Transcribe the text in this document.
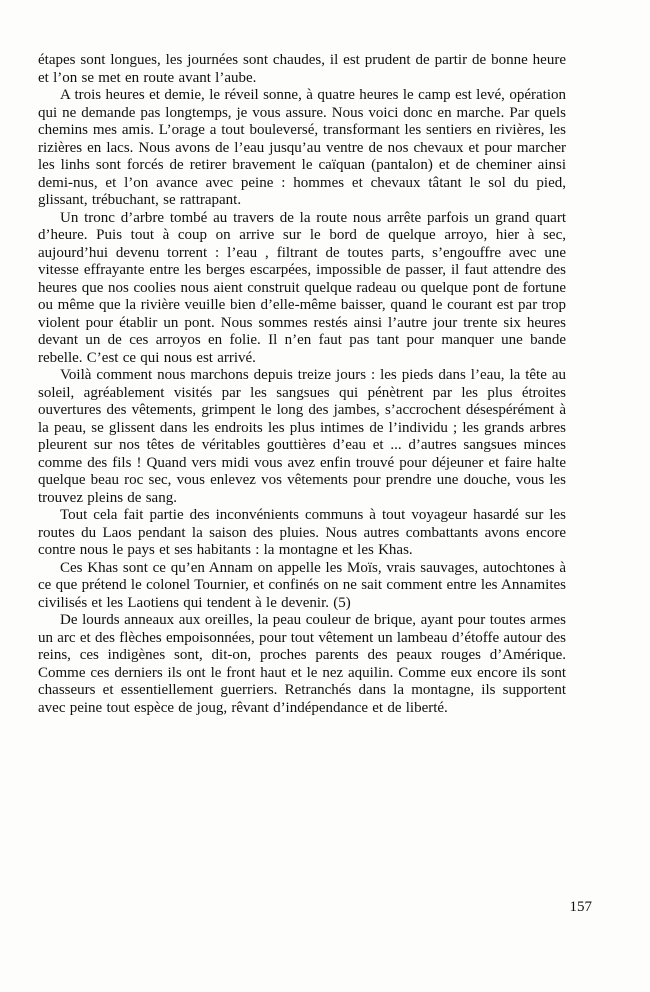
étapes sont longues, les journées sont chaudes, il est prudent de partir de bonne heure et l’on se met en route avant l’aube.

A trois heures et demie, le réveil sonne, à quatre heures le camp est levé, opération qui ne demande pas longtemps, je vous assure. Nous voici donc en marche. Par quels chemins mes amis. L’orage a tout bouleversé, transformant les sentiers en rivières, les rizières en lacs. Nous avons de l’eau jusqu’au ventre de nos chevaux et pour marcher les linhs sont forcés de retirer bravement le caïquan (pantalon) et de cheminer ainsi demi-nus, et l’on avance avec peine : hommes et chevaux tâtant le sol du pied, glissant, trébuchant, se rattrapant.

Un tronc d’arbre tombé au travers de la route nous arrête parfois un grand quart d’heure. Puis tout à coup on arrive sur le bord de quelque arroyo, hier à sec, aujourd’hui devenu torrent : l’eau , filtrant de toutes parts, s’engouffre avec une vitesse effrayante entre les berges escarpées, impossible de passer, il faut attendre des heures que nos coolies nous aient construit quelque radeau ou quelque pont de fortune ou même que la rivière veuille bien d’elle-même baisser, quand le courant est par trop violent pour établir un pont. Nous sommes restés ainsi l’autre jour trente six heures devant un de ces arroyos en folie. Il n’en faut pas tant pour manquer une bande rebelle. C’est ce qui nous est arrivé.

Voilà comment nous marchons depuis treize jours : les pieds dans l’eau, la tête au soleil, agréablement visités par les sangsues qui pénètrent par les plus étroites ouvertures des vêtements, grimpent le long des jambes, s’accrochent désespérément à la peau, se glissent dans les endroits les plus intimes de l’individu ; les grands arbres pleurent sur nos têtes de véritables gouttières d’eau et ... d’autres sangsues minces comme des fils ! Quand vers midi vous avez enfin trouvé pour déjeuner et faire halte quelque beau roc sec, vous enlevez vos vêtements pour prendre une douche, vous les trouvez pleins de sang.

Tout cela fait partie des inconvénients communs à tout voyageur hasardé sur les routes du Laos pendant la saison des pluies. Nous autres combattants avons encore contre nous le pays et ses habitants : la montagne et les Khas.

Ces Khas sont ce qu’en Annam on appelle les Moïs, vrais sauvages, autochtones à ce que prétend le colonel Tournier, et confinés on ne sait comment entre les Annamites civilisés et les Laotiens qui tendent à le devenir. (5)

De lourds anneaux aux oreilles, la peau couleur de brique, ayant pour toutes armes un arc et des flèches empoisonnées, pour tout vêtement un lambeau d’étoffe autour des reins, ces indigènes sont, dit-on, proches parents des peaux rouges d’Amérique. Comme ces derniers ils ont le front haut et le nez aquilin. Comme eux encore ils sont chasseurs et essentiellement guerriers. Retranchés dans la montagne, ils supportent avec peine tout espèce de joug, rêvant d’indépendance et de liberté.

157
